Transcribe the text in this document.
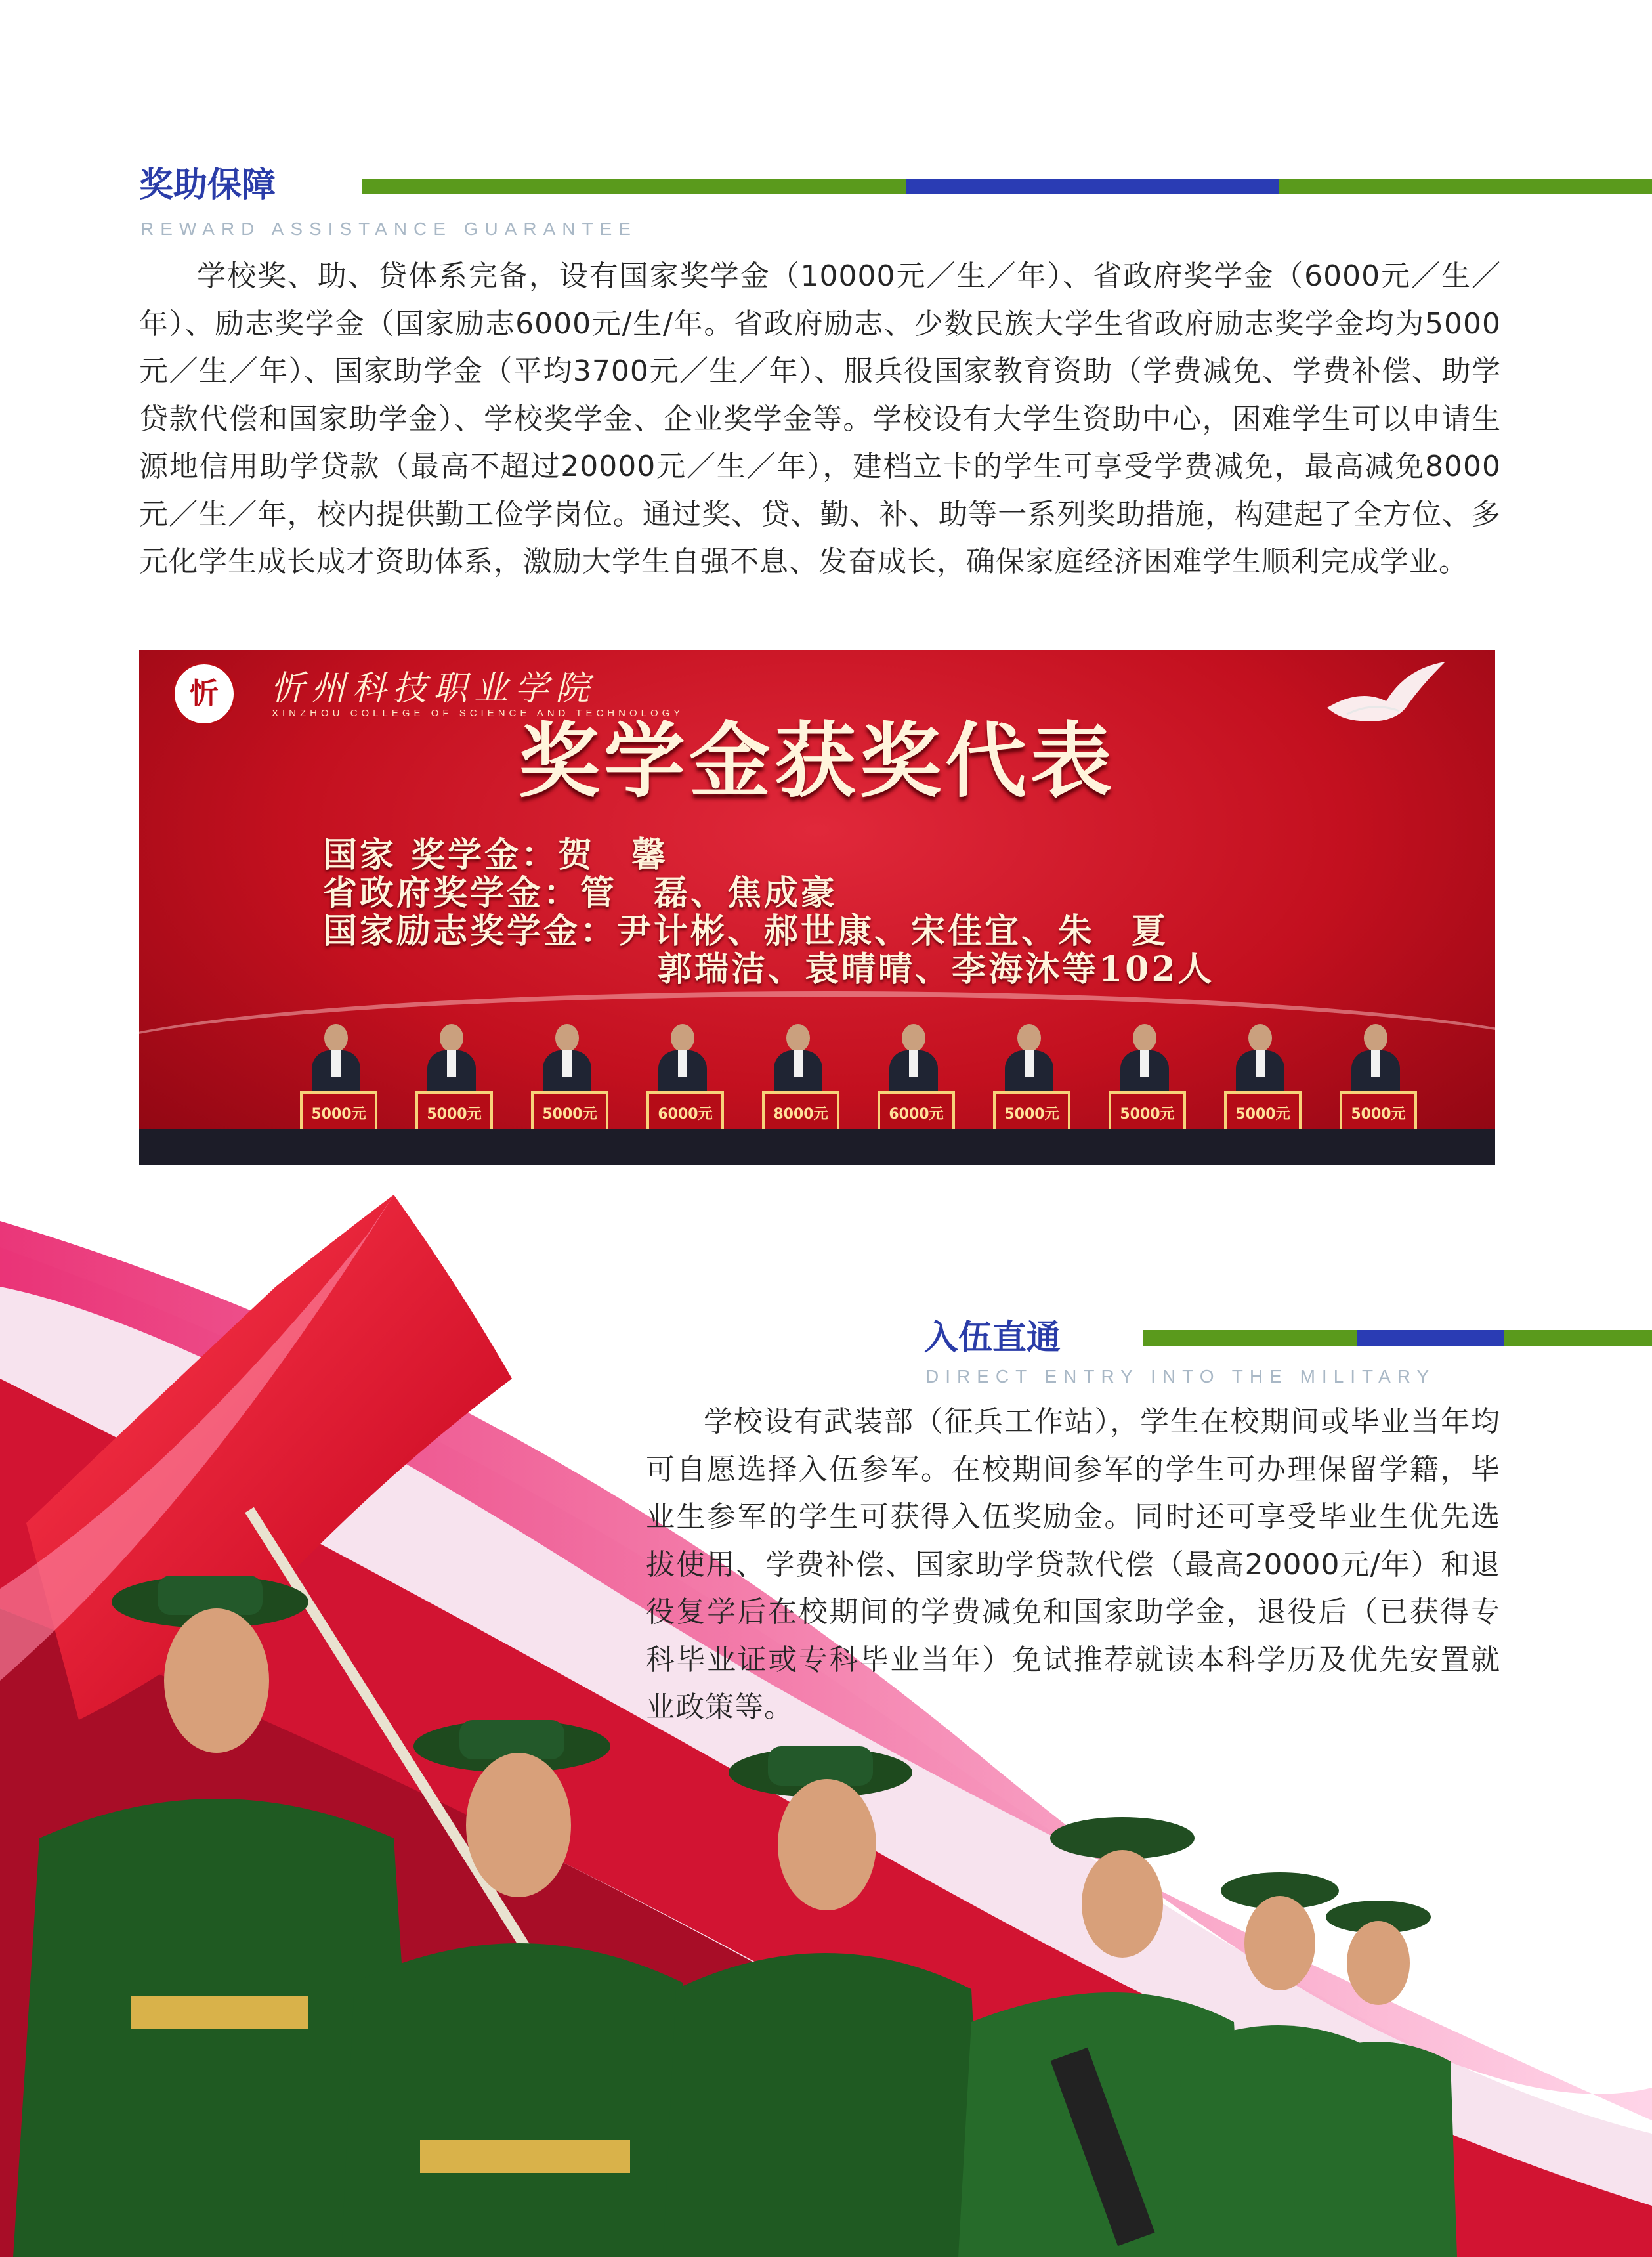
奖助保障
REWARD ASSISTANCE GUARANTEE

学校奖、助、贷体系完备，设有国家奖学金（10000元／生／年）、省政府奖学金（6000元／生／年）、励志奖学金（国家励志6000元/生/年。省政府励志、少数民族大学生省政府励志奖学金均为5000元／生／年）、国家助学金（平均3700元／生／年）、服兵役国家教育资助（学费减免、学费补偿、助学贷款代偿和国家助学金）、学校奖学金、企业奖学金等。学校设有大学生资助中心，困难学生可以申请生源地信用助学贷款（最高不超过20000元／生／年），建档立卡的学生可享受学费减免，最高减免8000元／生／年，校内提供勤工俭学岗位。通过奖、贷、勤、补、助等一系列奖助措施，构建起了全方位、多元化学生成长成才资助体系，激励大学生自强不息、发奋成长，确保家庭经济困难学生顺利完成学业。

忻	忻州科技职业学院
XINZHOU COLLEGE OF SCIENCE AND TECHNOLOGY
奖学金获奖代表
国家 奖学金：贺　馨
省政府奖学金：管　磊、焦成豪
国家励志奖学金：尹计彬、郝世康、宋佳宜、朱　夏
郭瑞洁、袁晴晴、李海沐等102人
5000元	5000元	5000元	6000元	8000元	6000元	5000元	5000元	5000元	5000元
入伍直通
DIRECT ENTRY INTO THE MILITARY

学校设有武装部（征兵工作站），学生在校期间或毕业当年均可自愿选择入伍参军。在校期间参军的学生可办理保留学籍，毕业生参军的学生可获得入伍奖励金。同时还可享受毕业生优先选拔使用、学费补偿、国家助学贷款代偿（最高20000元/年）和退役复学后在校期间的学费减免和国家助学金，退役后（已获得专科毕业证或专科毕业当年）免试推荐就读本科学历及优先安置就业政策等。
